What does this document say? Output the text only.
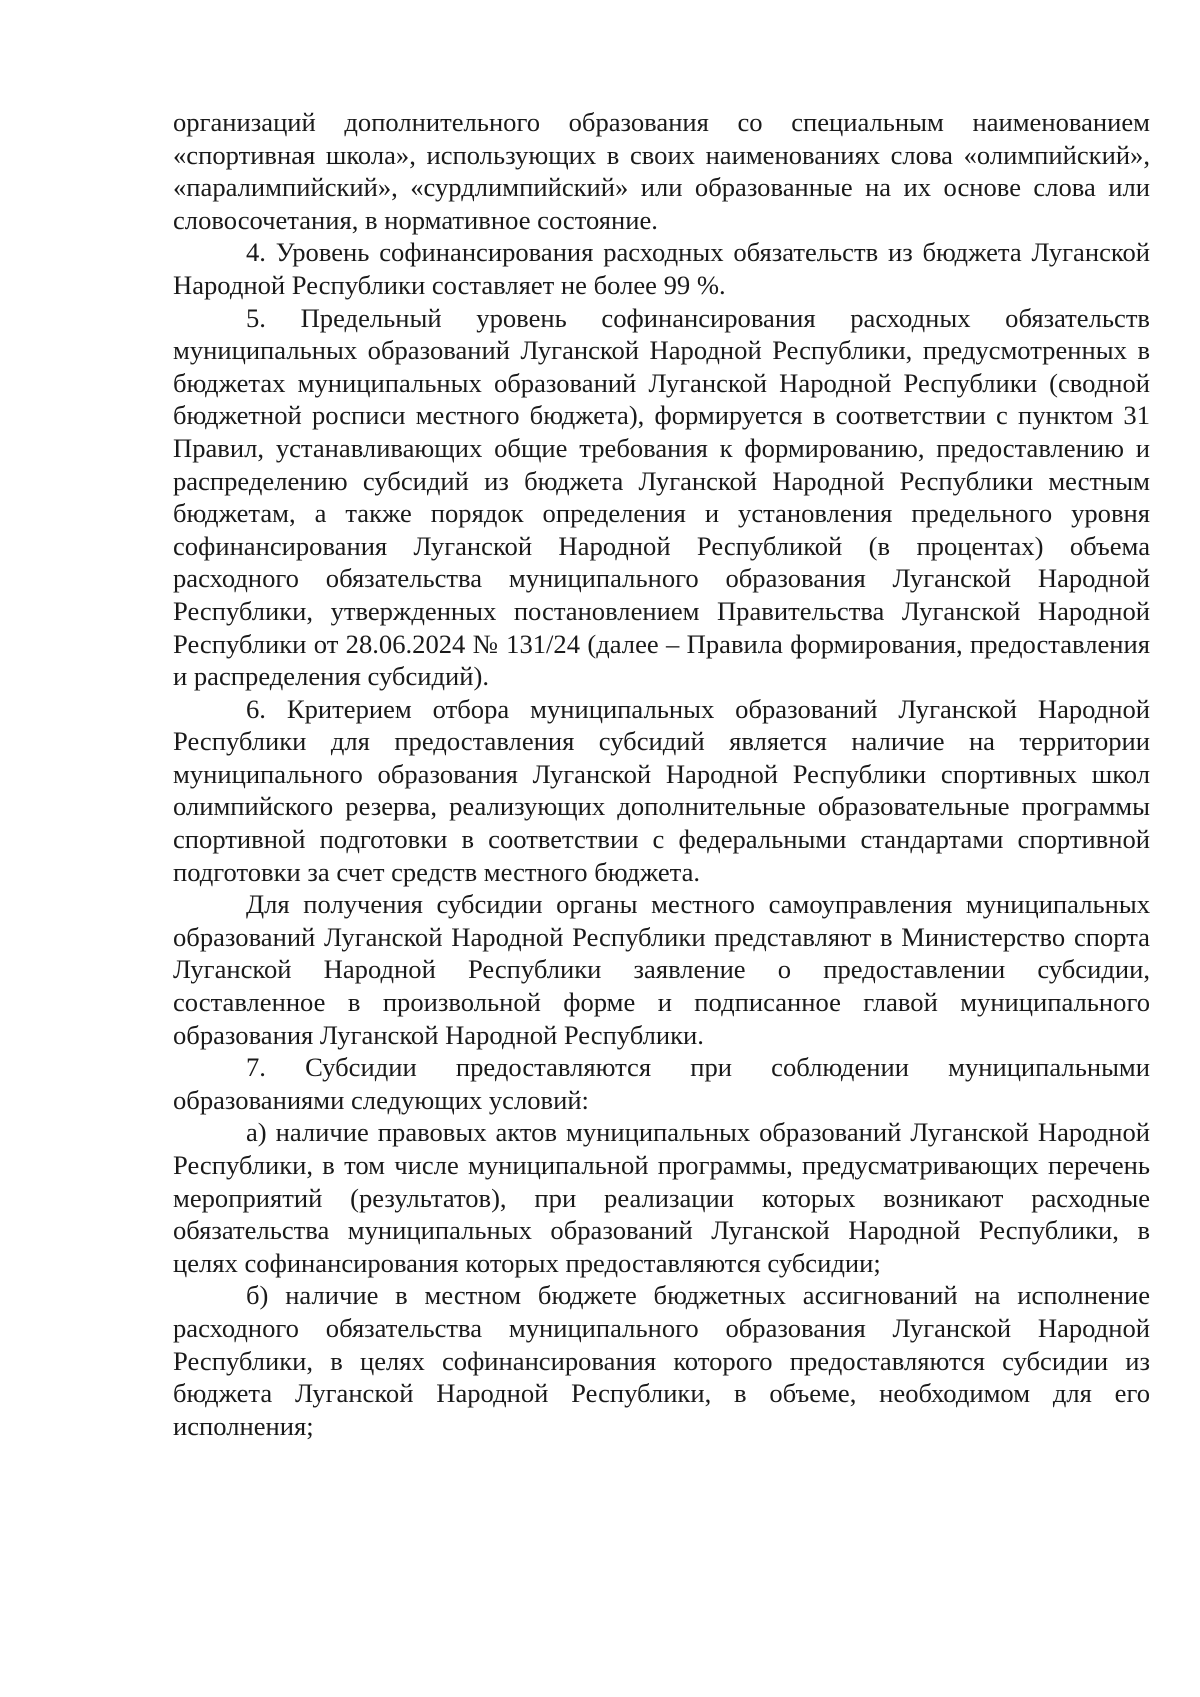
организаций дополнительного образования со специальным наименованием «спортивная школа», использующих в своих наименованиях слова «олимпийский», «паралимпийский», «сурдлимпийский» или образованные на их основе слова или словосочетания, в нормативное состояние.

4. Уровень софинансирования расходных обязательств из бюджета Луганской Народной Республики составляет не более 99 %.

5. Предельный уровень софинансирования расходных обязательств муниципальных образований Луганской Народной Республики, предусмотренных в бюджетах муниципальных образований Луганской Народной Республики (сводной бюджетной росписи местного бюджета), формируется в соответствии с пунктом 31 Правил, устанавливающих общие требования к формированию, предоставлению и распределению субсидий из бюджета Луганской Народной Республики местным бюджетам, а также порядок определения и установления предельного уровня софинансирования Луганской Народной Республикой (в процентах) объема расходного обязательства муниципального образования Луганской Народной Республики, утвержденных постановлением Правительства Луганской Народной Республики от 28.06.2024 № 131/24 (далее – Правила формирования, предоставления и распределения субсидий).

6. Критерием отбора муниципальных образований Луганской Народной Республики для предоставления субсидий является наличие на территории муниципального образования Луганской Народной Республики спортивных школ олимпийского резерва, реализующих дополнительные образовательные программы спортивной подготовки в соответствии с федеральными стандартами спортивной подготовки за счет средств местного бюджета.

Для получения субсидии органы местного самоуправления муниципальных образований Луганской Народной Республики представляют в Министерство спорта Луганской Народной Республики заявление о предоставлении субсидии, составленное в произвольной форме и подписанное главой муниципального образования Луганской Народной Республики.

7. Субсидии предоставляются при соблюдении муниципальными образованиями следующих условий:

а) наличие правовых актов муниципальных образований Луганской Народной Республики, в том числе муниципальной программы, предусматривающих перечень мероприятий (результатов), при реализации которых возникают расходные обязательства муниципальных образований Луганской Народной Республики, в целях софинансирования которых предоставляются субсидии;

б) наличие в местном бюджете бюджетных ассигнований на исполнение расходного обязательства муниципального образования Луганской Народной Республики, в целях софинансирования которого предоставляются субсидии из бюджета Луганской Народной Республики, в объеме, необходимом для его исполнения;
